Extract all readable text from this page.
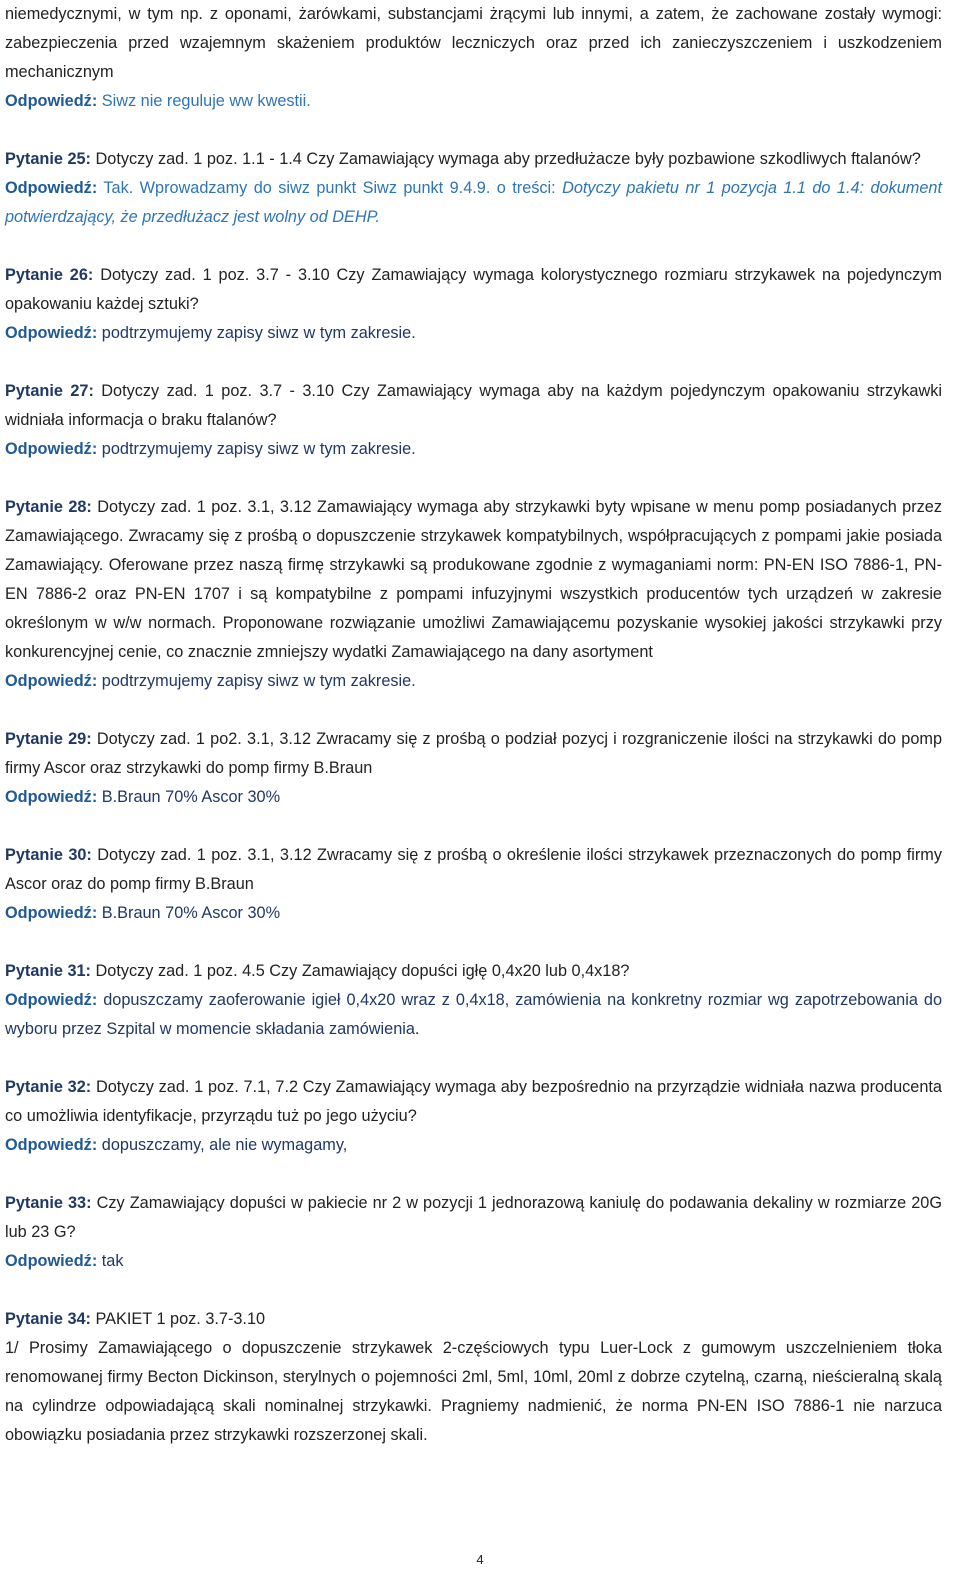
niemedycznymi, w tym np. z oponami, żarówkami, substancjami żrącymi lub innymi, a zatem, że zachowane zostały wymogi: zabezpieczenia przed wzajemnym skażeniem produktów leczniczych oraz przed ich zanieczyszczeniem i uszkodzeniem mechanicznym

Odpowiedź: Siwz nie reguluje ww kwestii.

Pytanie 25: Dotyczy zad. 1 poz. 1.1 - 1.4 Czy Zamawiający wymaga aby przedłużacze były pozbawione szkodliwych ftalanów?

Odpowiedź: Tak. Wprowadzamy do siwz punkt Siwz punkt 9.4.9. o treści: Dotyczy pakietu nr 1 pozycja 1.1 do 1.4: dokument potwierdzający, że przedłużacz jest wolny od DEHP.

Pytanie 26: Dotyczy zad. 1 poz. 3.7 - 3.10 Czy Zamawiający wymaga kolorystycznego rozmiaru strzykawek na pojedynczym opakowaniu każdej sztuki?

Odpowiedź: podtrzymujemy zapisy siwz w tym zakresie.

Pytanie 27: Dotyczy zad. 1 poz. 3.7 - 3.10 Czy Zamawiający wymaga aby na każdym pojedynczym opakowaniu strzykawki widniała informacja o braku ftalanów?

Odpowiedź: podtrzymujemy zapisy siwz w tym zakresie.

Pytanie 28: Dotyczy zad. 1 poz. 3.1, 3.12 Zamawiający wymaga aby strzykawki byty wpisane w menu pomp posiadanych przez Zamawiającego. Zwracamy się z prośbą o dopuszczenie strzykawek kompatybilnych, współpracujących z pompami jakie posiada Zamawiający. Oferowane przez naszą firmę strzykawki są produkowane zgodnie z wymaganiami norm: PN-EN ISO 7886-1, PN-EN 7886-2 oraz PN-EN 1707 i są kompatybilne z pompami infuzyjnymi wszystkich producentów tych urządzeń w zakresie określonym w w/w normach. Proponowane rozwiązanie umożliwi Zamawiającemu pozyskanie wysokiej jakości strzykawki przy konkurencyjnej cenie, co znacznie zmniejszy wydatki Zamawiającego na dany asortyment

Odpowiedź: podtrzymujemy zapisy siwz w tym zakresie.

Pytanie 29: Dotyczy zad. 1 po2. 3.1, 3.12 Zwracamy się z prośbą o podział pozycj i rozgraniczenie ilości na strzykawki do pomp firmy Ascor oraz strzykawki do pomp firmy B.Braun

Odpowiedź: B.Braun 70% Ascor 30%

Pytanie 30: Dotyczy zad. 1 poz. 3.1, 3.12 Zwracamy się z prośbą o określenie ilości strzykawek przeznaczonych do pomp firmy Ascor oraz do pomp firmy B.Braun

Odpowiedź: B.Braun 70% Ascor 30%

Pytanie 31: Dotyczy zad. 1 poz. 4.5 Czy Zamawiający dopuści igłę 0,4x20 lub 0,4x18?

Odpowiedź: dopuszczamy zaoferowanie igieł 0,4x20 wraz z 0,4x18, zamówienia na konkretny rozmiar wg zapotrzebowania do wyboru przez Szpital w momencie składania zamówienia.

Pytanie 32: Dotyczy zad. 1 poz. 7.1, 7.2 Czy Zamawiający wymaga aby bezpośrednio na przyrządzie widniała nazwa producenta co umożliwia identyfikacje, przyrządu tuż po jego użyciu?

Odpowiedź: dopuszczamy, ale nie wymagamy,

Pytanie 33: Czy Zamawiający dopuści w pakiecie nr 2 w pozycji 1 jednorazową kaniulę do podawania dekaliny w rozmiarze 20G lub 23 G?

Odpowiedź: tak

Pytanie 34: PAKIET 1 poz. 3.7-3.10

1/ Prosimy Zamawiającego o dopuszczenie strzykawek 2-częściowych typu Luer-Lock z gumowym uszczelnieniem tłoka renomowanej firmy Becton Dickinson, sterylnych o pojemności 2ml, 5ml, 10ml, 20ml z dobrze czytelną, czarną, nieścieralną skalą na cylindrze odpowiadającą skali nominalnej strzykawki. Pragniemy nadmienić, że norma PN-EN ISO 7886-1 nie narzuca obowiązku posiadania przez strzykawki rozszerzonej skali.

4
